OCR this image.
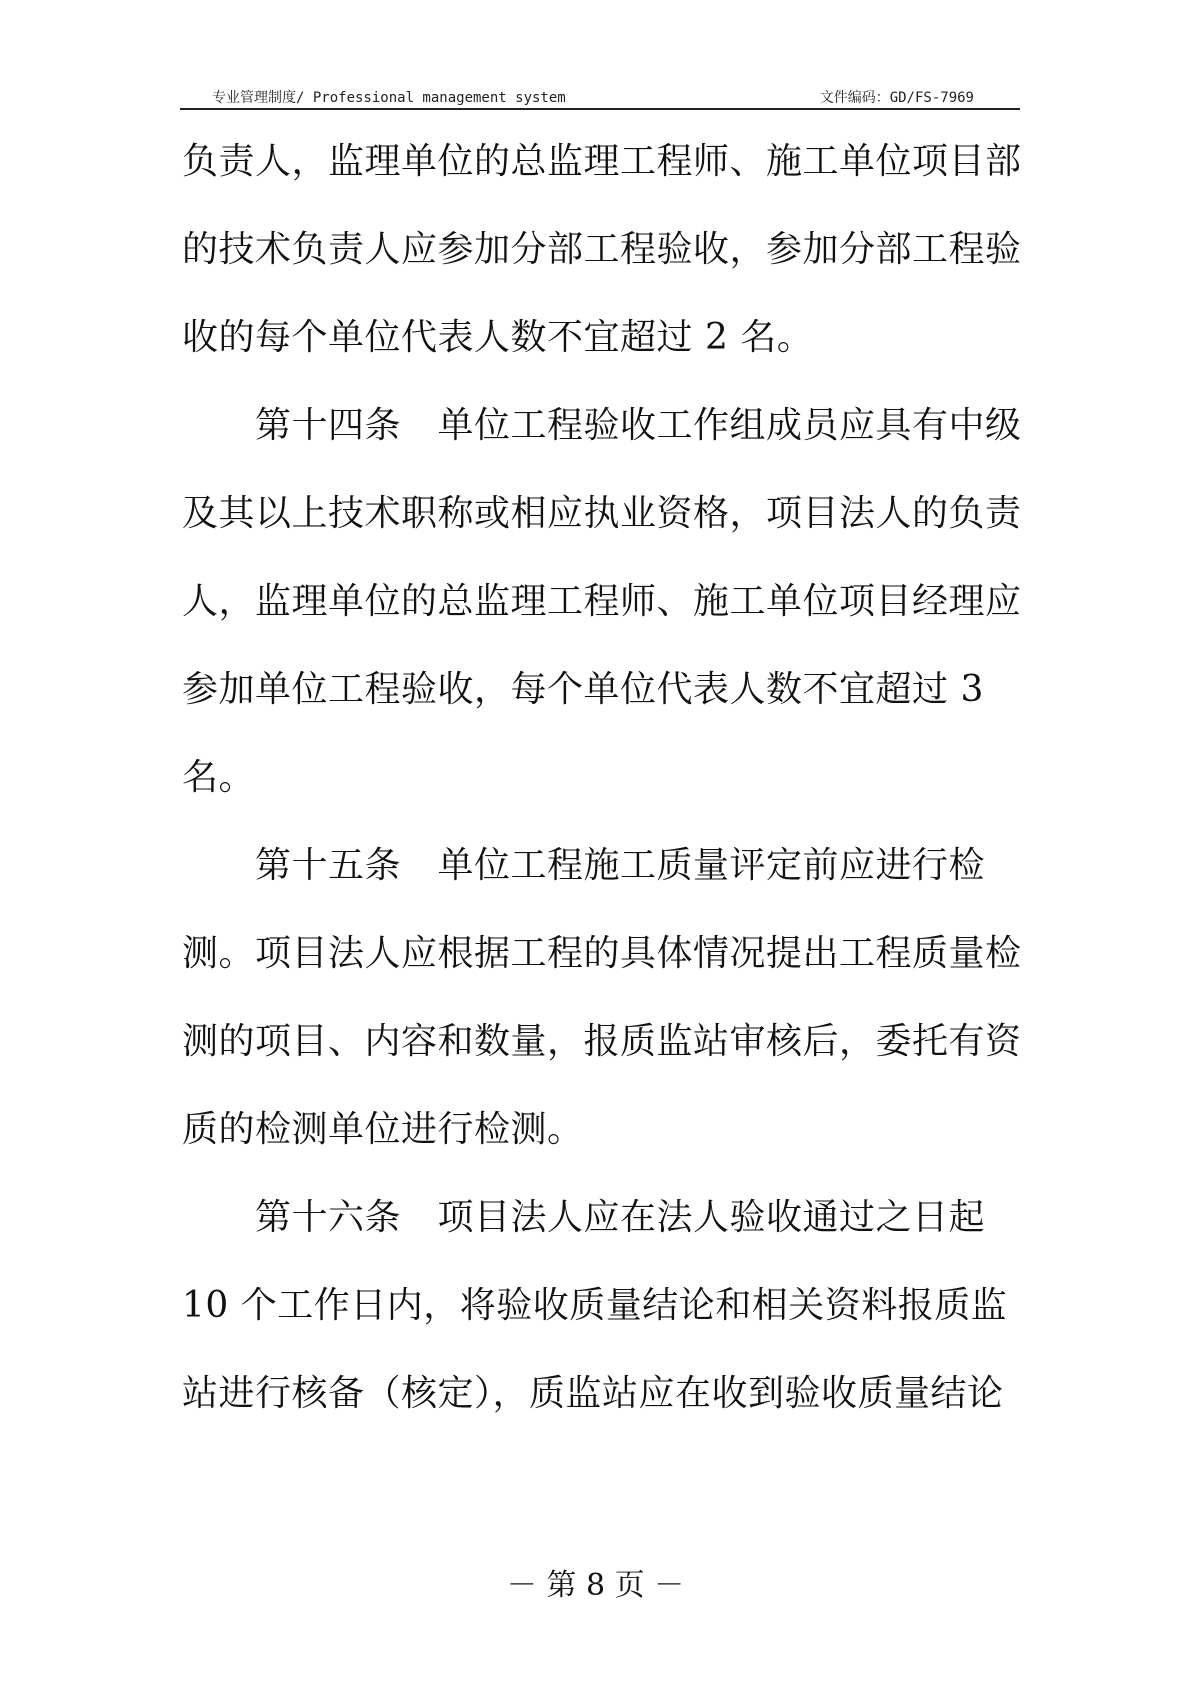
专业管理制度/ Professional management system	文件编码：GD/FS-7969
负责人，监理单位的总监理工程师、施工单位项目部
的技术负责人应参加分部工程验收，参加分部工程验
收的每个单位代表人数不宜超过 2 名。
　　第十四条　单位工程验收工作组成员应具有中级
及其以上技术职称或相应执业资格，项目法人的负责
人，监理单位的总监理工程师、施工单位项目经理应
参加单位工程验收，每个单位代表人数不宜超过 3
名。
　　第十五条　单位工程施工质量评定前应进行检
测。项目法人应根据工程的具体情况提出工程质量检
测的项目、内容和数量，报质监站审核后，委托有资
质的检测单位进行检测。
　　第十六条　项目法人应在法人验收通过之日起
10 个工作日内，将验收质量结论和相关资料报质监
站进行核备（核定），质监站应在收到验收质量结论
－ 第 8 页 －
